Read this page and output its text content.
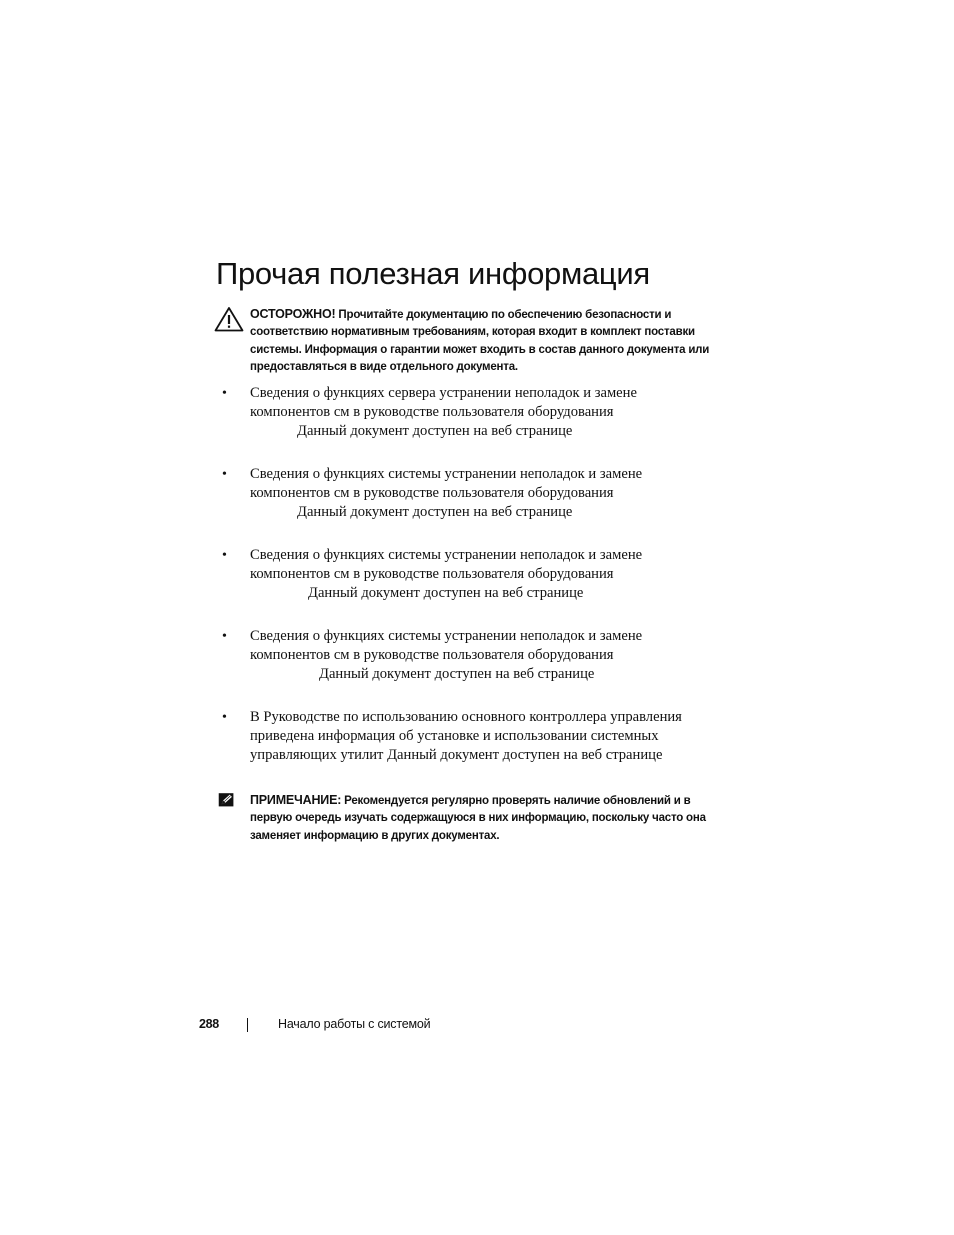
Прочая полезная информация
ОСТОРОЖНО! Прочитайте документацию по обеспечению безопасности и соответствию нормативным требованиям, которая входит в комплект поставки системы. Информация о гарантии может входить в состав данного документа или предоставляться в виде отдельного документа.
• Сведения о функциях сервера устранении неполадок и замене
компонентов см в руководстве пользователя оборудования
Данный документ доступен на веб странице
• Сведения о функциях системы устранении неполадок и замене
компонентов см в руководстве пользователя оборудования
Данный документ доступен на веб странице
• Сведения о функциях системы устранении неполадок и замене
компонентов см в руководстве пользователя оборудования
Данный документ доступен на веб странице
• Сведения о функциях системы устранении неполадок и замене
компонентов см в руководстве пользователя оборудования
Данный документ доступен на веб странице
• В Руководстве по использованию основного контроллера управления
приведена информация об установке и использовании системных
управляющих утилит Данный документ доступен на веб странице
ПРИМЕЧАНИЕ: Рекомендуется регулярно проверять наличие обновлений и в первую очередь изучать содержащуюся в них информацию, поскольку часто она заменяет информацию в других документах.
288	Начало работы с системой
